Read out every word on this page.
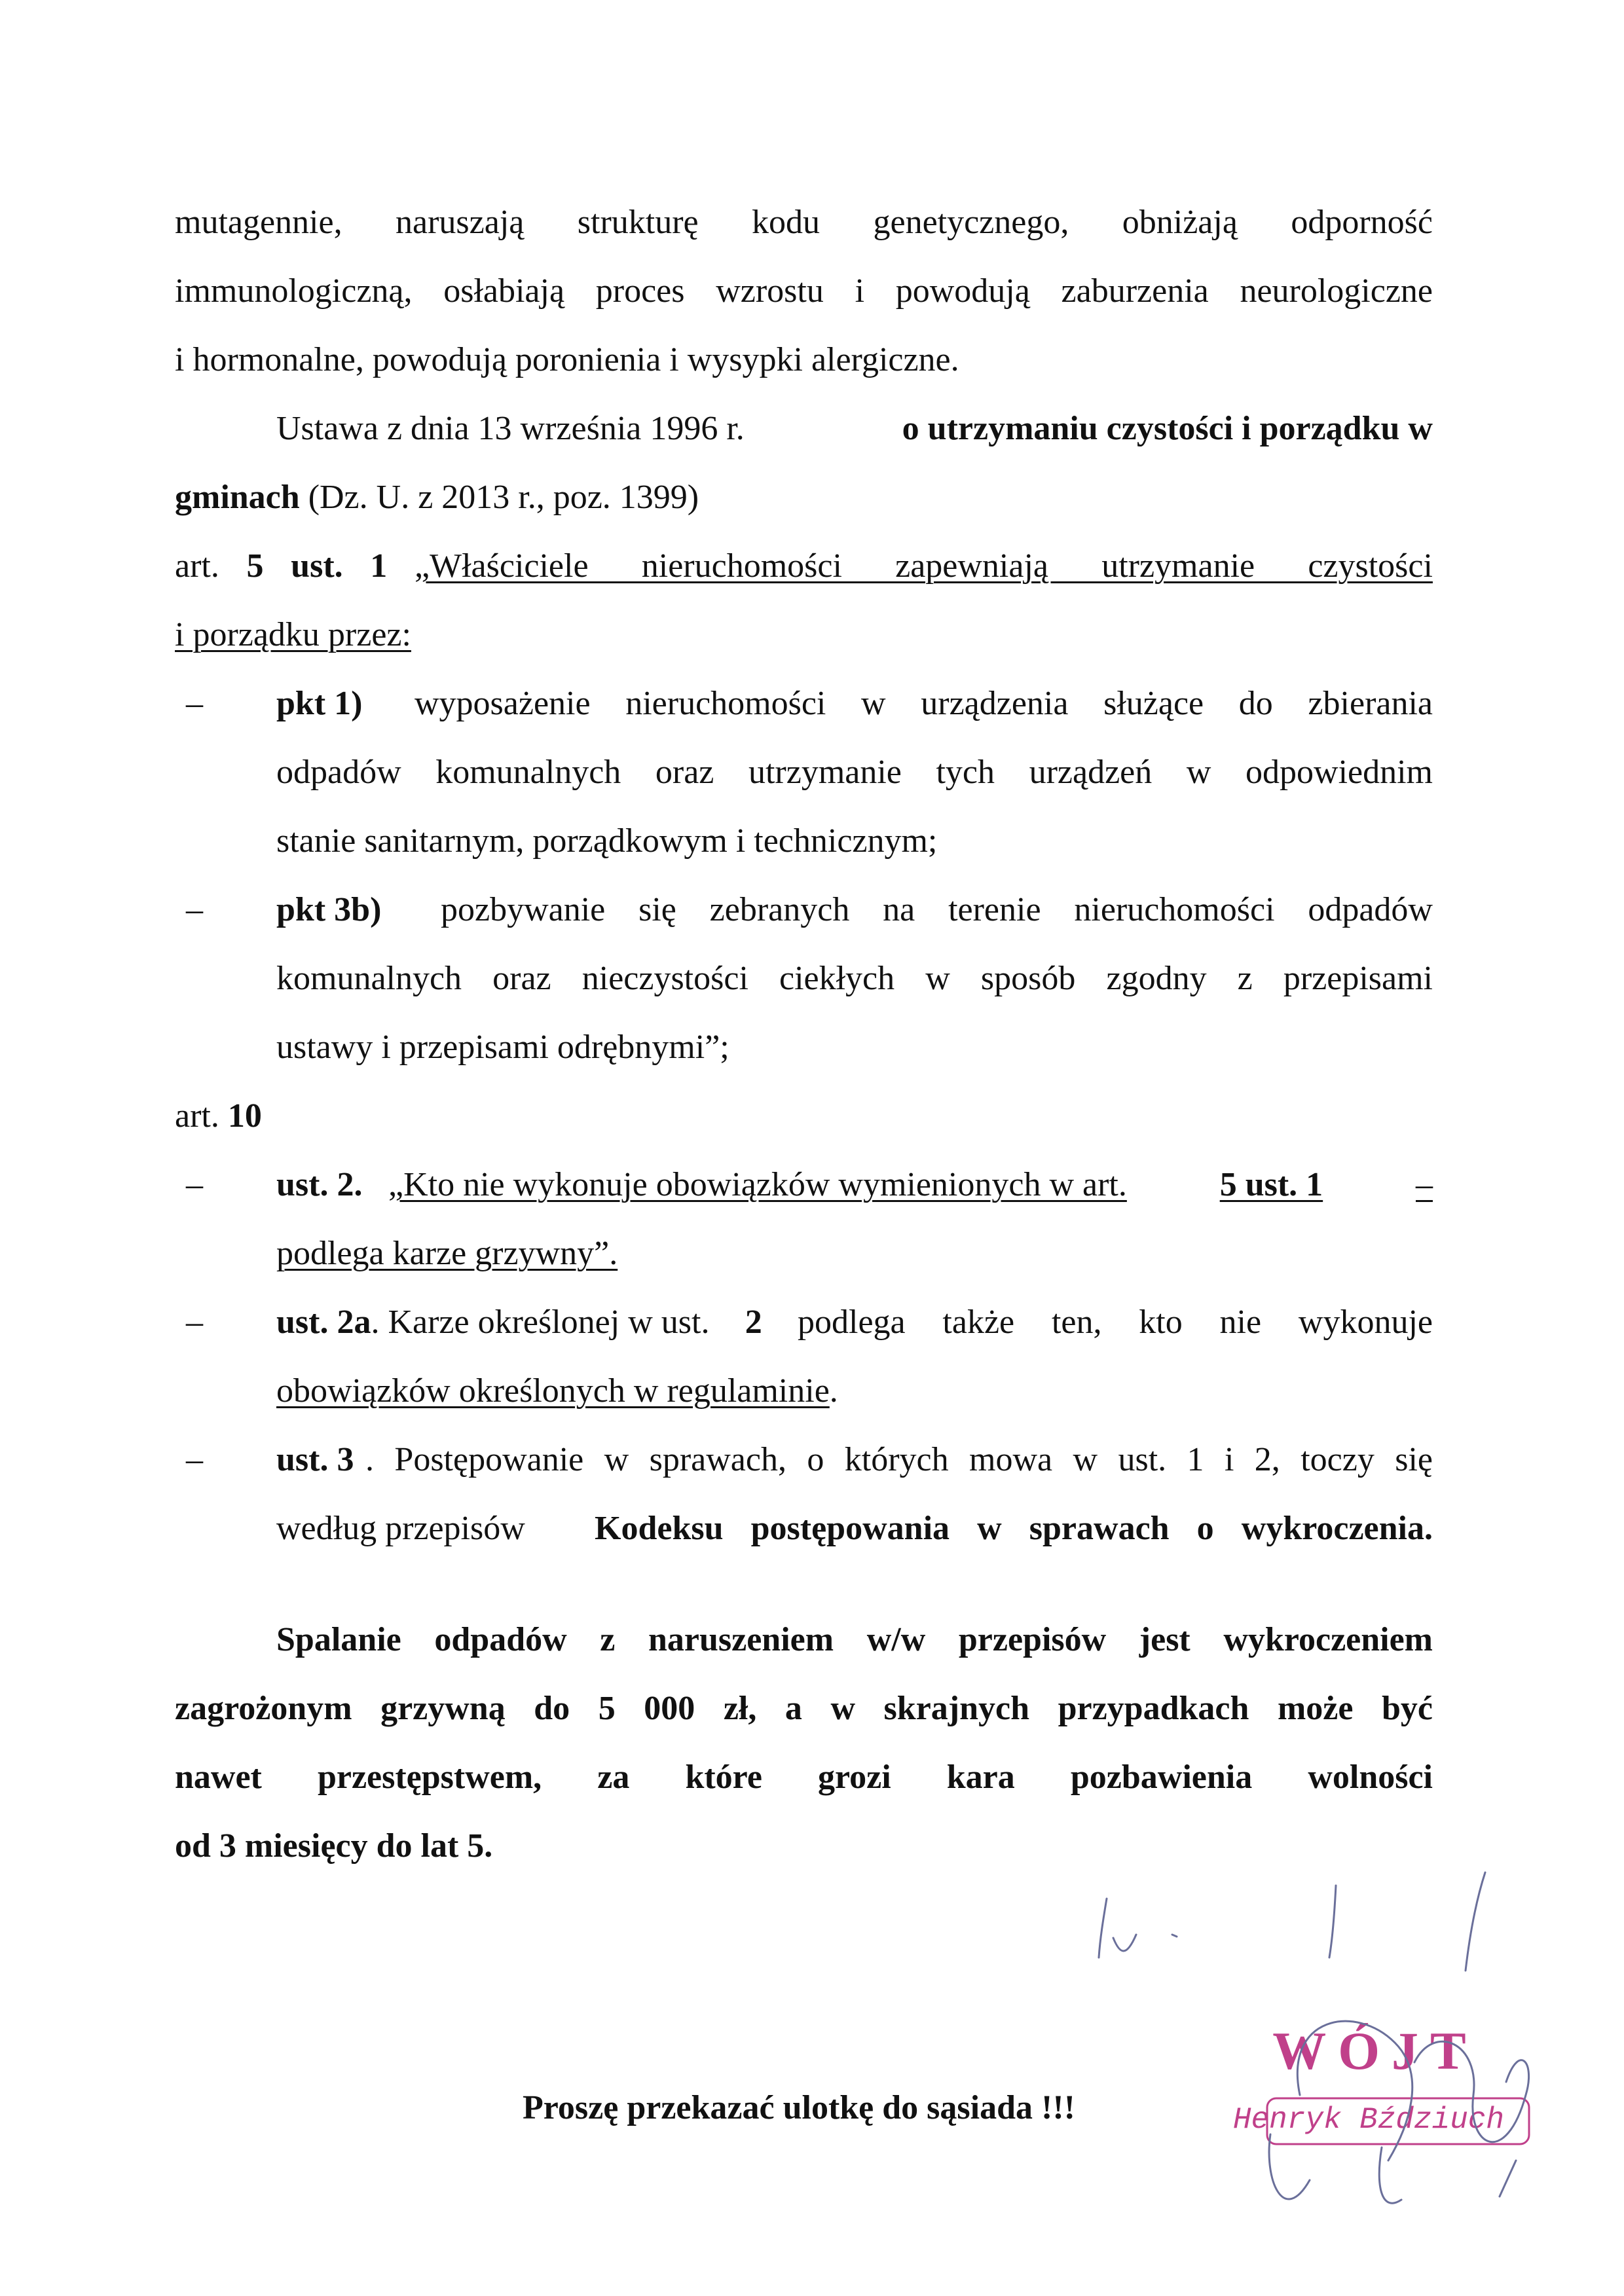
mutagennie, naruszają strukturę kodu genetycznego, obniżają odporność
immunologiczną, osłabiają proces wzrostu i powodują zaburzenia neurologiczne
i hormonalne, powodują poronienia i wysypki alergiczne.
Ustawa z dnia 13 września 1996 r.	o utrzymaniu czystości i porządku w
gminach (Dz. U. z 2013 r., poz. 1399)
art. 5 ust. 1 „Właściciele nieruchomości zapewniają utrzymanie czystości
i porządku przez:
–	pkt 1) wyposażenie nieruchomości w urządzenia służące do zbierania
odpadów komunalnych oraz utrzymanie tych urządzeń w odpowiednim
stanie sanitarnym, porządkowym i technicznym;
–	pkt 3b) pozbywanie się zebranych na terenie nieruchomości odpadów
komunalnych oraz nieczystości ciekłych w sposób zgodny z przepisami
ustawy i przepisami odrębnymi”;
art. 10
–	ust. 2. „Kto nie wykonuje obowiązków wymienionych w art.	5 ust. 1	–
podlega karze grzywny”.
–	ust. 2a. Karze określonej w ust. 2 podlega także ten, kto nie wykonuje
obowiązków określonych w regulaminie.
–	ust. 3 . Postępowanie w sprawach, o których mowa w ust. 1 i 2, toczy się
według przepisów Kodeksu postępowania w sprawach o wykroczenia.
Spalanie odpadów z naruszeniem w/w przepisów jest wykroczeniem
zagrożonym grzywną do 5 000 zł, a w skrajnych przypadkach może być
nawet przestępstwem, za które grozi kara pozbawienia wolności
od 3 miesięcy do lat 5.
Proszę przekazać ulotkę do sąsiada !!!
WÓJT
Henryk Bździuch
